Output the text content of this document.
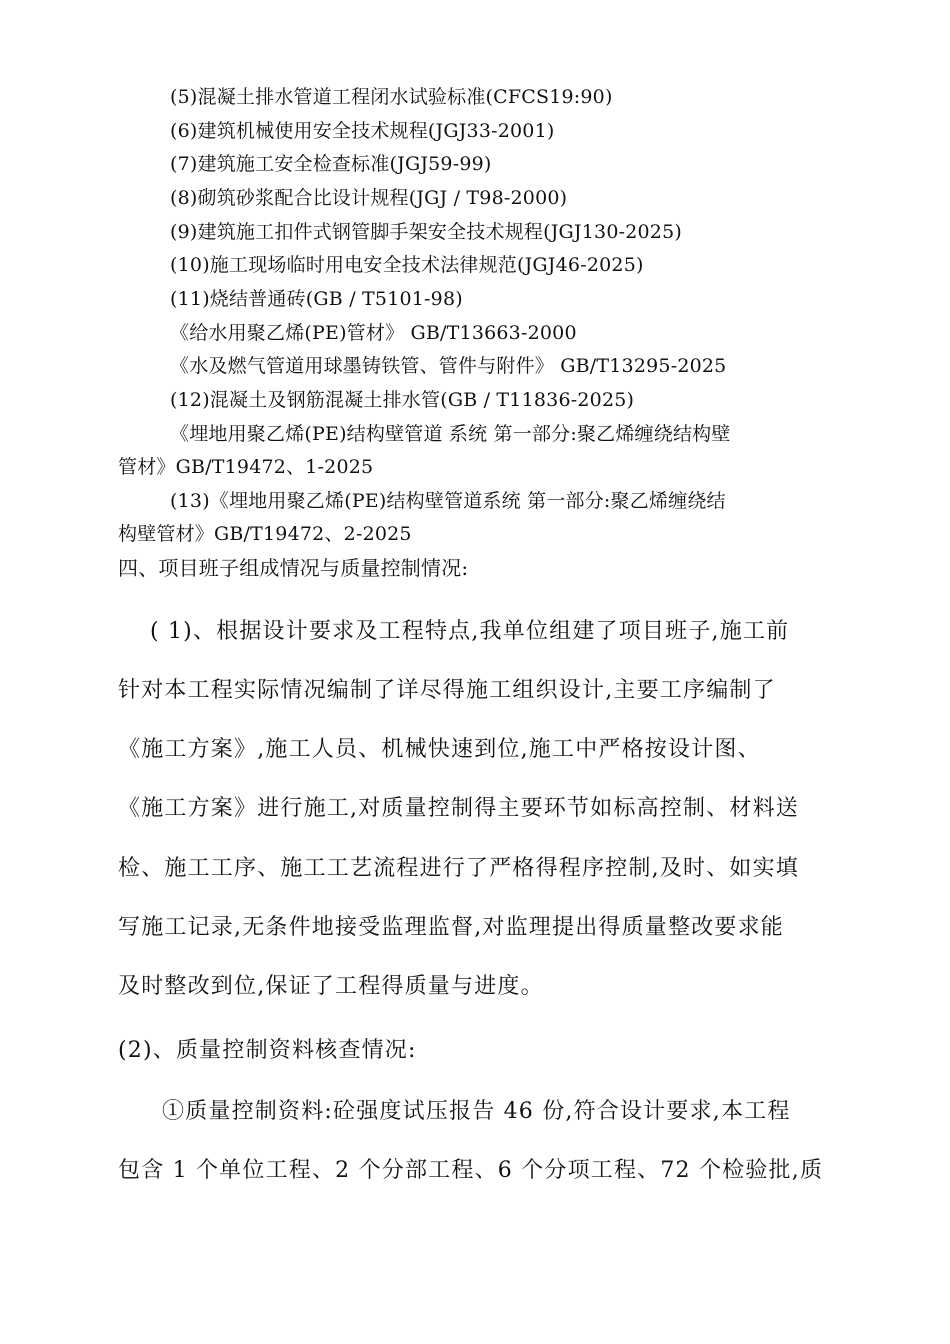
(5)混凝土排水管道工程闭水试验标准(CFCS19:90)
(6)建筑机械使用安全技术规程(JGJ33-2001)
(7)建筑施工安全检查标准(JGJ59-99)
(8)砌筑砂浆配合比设计规程(JGJ / T98-2000)
(9)建筑施工扣件式钢管脚手架安全技术规程(JGJ130-2025)
(10)施工现场临时用电安全技术法律规范(JGJ46-2025)
(11)烧结普通砖(GB / T5101-98)
《给水用聚乙烯(PE)管材》 GB/T13663-2000
《水及燃气管道用球墨铸铁管、管件与附件》 GB/T13295-2025
(12)混凝土及钢筋混凝土排水管(GB / T11836-2025)
《埋地用聚乙烯(PE)结构壁管道 系统 第一部分:聚乙烯缠绕结构壁
管材》GB/T19472、1-2025
(13)《埋地用聚乙烯(PE)结构壁管道系统 第一部分:聚乙烯缠绕结
构壁管材》GB/T19472、2-2025
四、项目班子组成情况与质量控制情况:
( 1)、根据设计要求及工程特点,我单位组建了项目班子,施工前
针对本工程实际情况编制了详尽得施工组织设计,主要工序编制了
《施工方案》,施工人员、机械快速到位,施工中严格按设计图、
《施工方案》进行施工,对质量控制得主要环节如标高控制、材料送
检、施工工序、施工工艺流程进行了严格得程序控制,及时、如实填
写施工记录,无条件地接受监理监督,对监理提出得质量整改要求能
及时整改到位,保证了工程得质量与进度。
(2)、质量控制资料核查情况:
①质量控制资料:砼强度试压报告 46 份,符合设计要求,本工程
包含 1 个单位工程、2 个分部工程、6 个分项工程、72 个检验批,质
